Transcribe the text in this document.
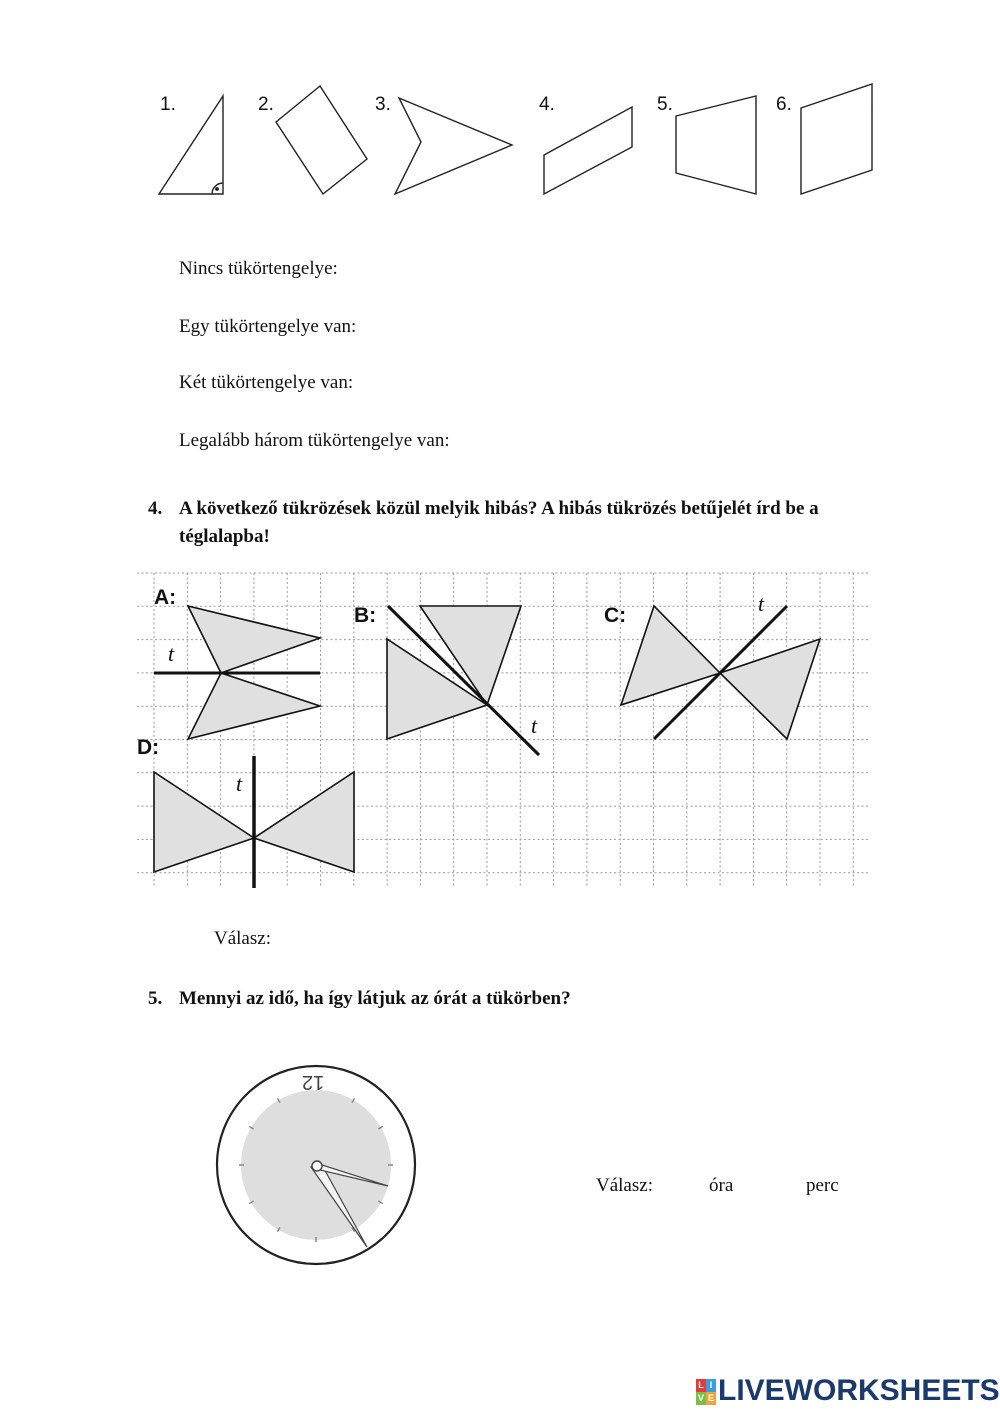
1.	2.	3.	4.	5.	6.
Nincs tükörtengelye:
Egy tükörtengelye van:
Két tükörtengelye van:
Legalább három tükörtengelye van:
4. A következő tükrözések közül melyik hibás? A hibás tükrözés betűjelét írd be a
téglalapba!
A:
B:	C:
D:
t
t
t
t
Válasz:
5. Mennyi az idő, ha így látjuk az órát a tükörben?
12
Válasz:	óra	perc
L I
V E LIVEWORKSHEETS
